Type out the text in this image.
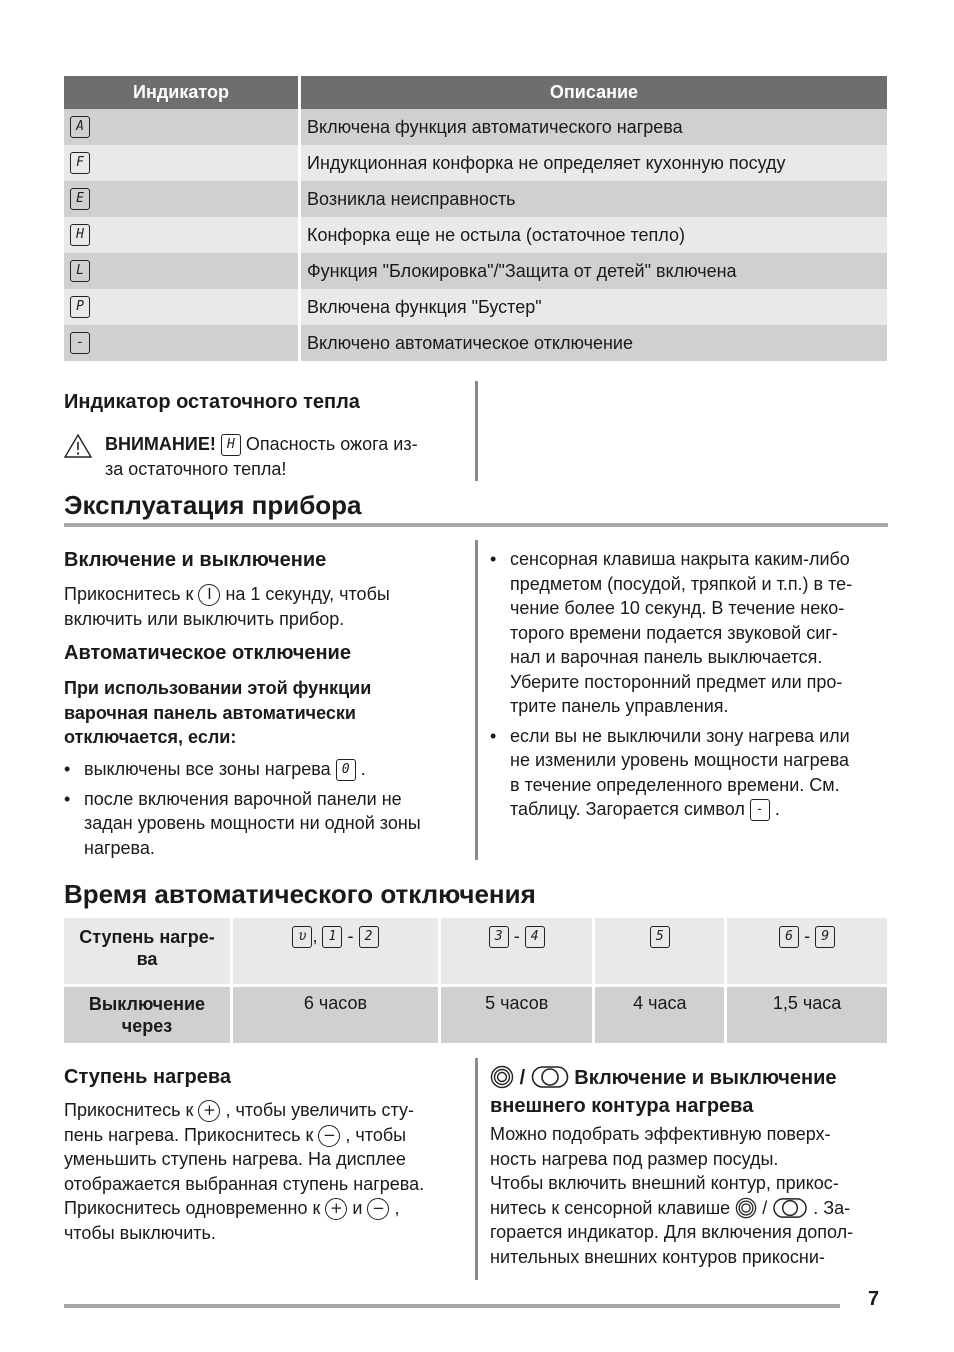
Индикатор	Описание
A	Включена функция автоматического нагрева
F	Индукционная конфорка не определяет кухонную посуду
E	Возникла неисправность
H	Конфорка еще не остыла (остаточное тепло)
L	Функция "Блокировка"/"Защита от детей" включена
P	Включена функция "Бустер"
-	Включено автоматическое отключение
Индикатор остаточного тепла

ВНИМАНИЕ! H Опасность ожога из-

за остаточного тепла!

Эксплуатация прибора
Включение и выключение

Прикоснитесь к I на 1 секунду, чтобы

включить или выключить прибор.

Автоматическое отключение

При использовании этой функции

варочная панель автоматически

отключается, если:

• выключены все зоны нагрева 0 .

• после включения варочной панели не

задан уровень мощности ни одной зоны

нагрева.

• сенсорная клавиша накрыта каким-либо

предметом (посудой, тряпкой и т.п.) в те-

чение более 10 секунд. В течение неко-

торого времени подается звуковой сиг-

нал и варочная панель выключается.

Уберите посторонний предмет или про-

трите панель управления.

• если вы не выключили зону нагрева или

не изменили уровень мощности нагрева

в течение определенного времени. См.

таблицу. Загорается символ - .

Время автоматического отключения

Ступень нагре-

ва	υ , 1 - 2	3 - 4	5	6 - 9

Выключение

через	6 часов	5 часов	4 часа	1,5 часа
Ступень нагрева

Прикоснитесь к + , чтобы увеличить сту-

пень нагрева. Прикоснитесь к − , чтобы

уменьшить ступень нагрева. На дисплее

отображается выбранная ступень нагрева.

Прикоснитесь одновременно к + и − ,

чтобы выключить.

/ Включение и выключение

внешнего контура нагрева

Можно подобрать эффективную поверх-

ность нагрева под размер посуды.

Чтобы включить внешний контур, прикос-

нитесь к сенсорной клавише /	. За-

горается индикатор. Для включения допол-

нительных внешних контуров прикосни-

7
